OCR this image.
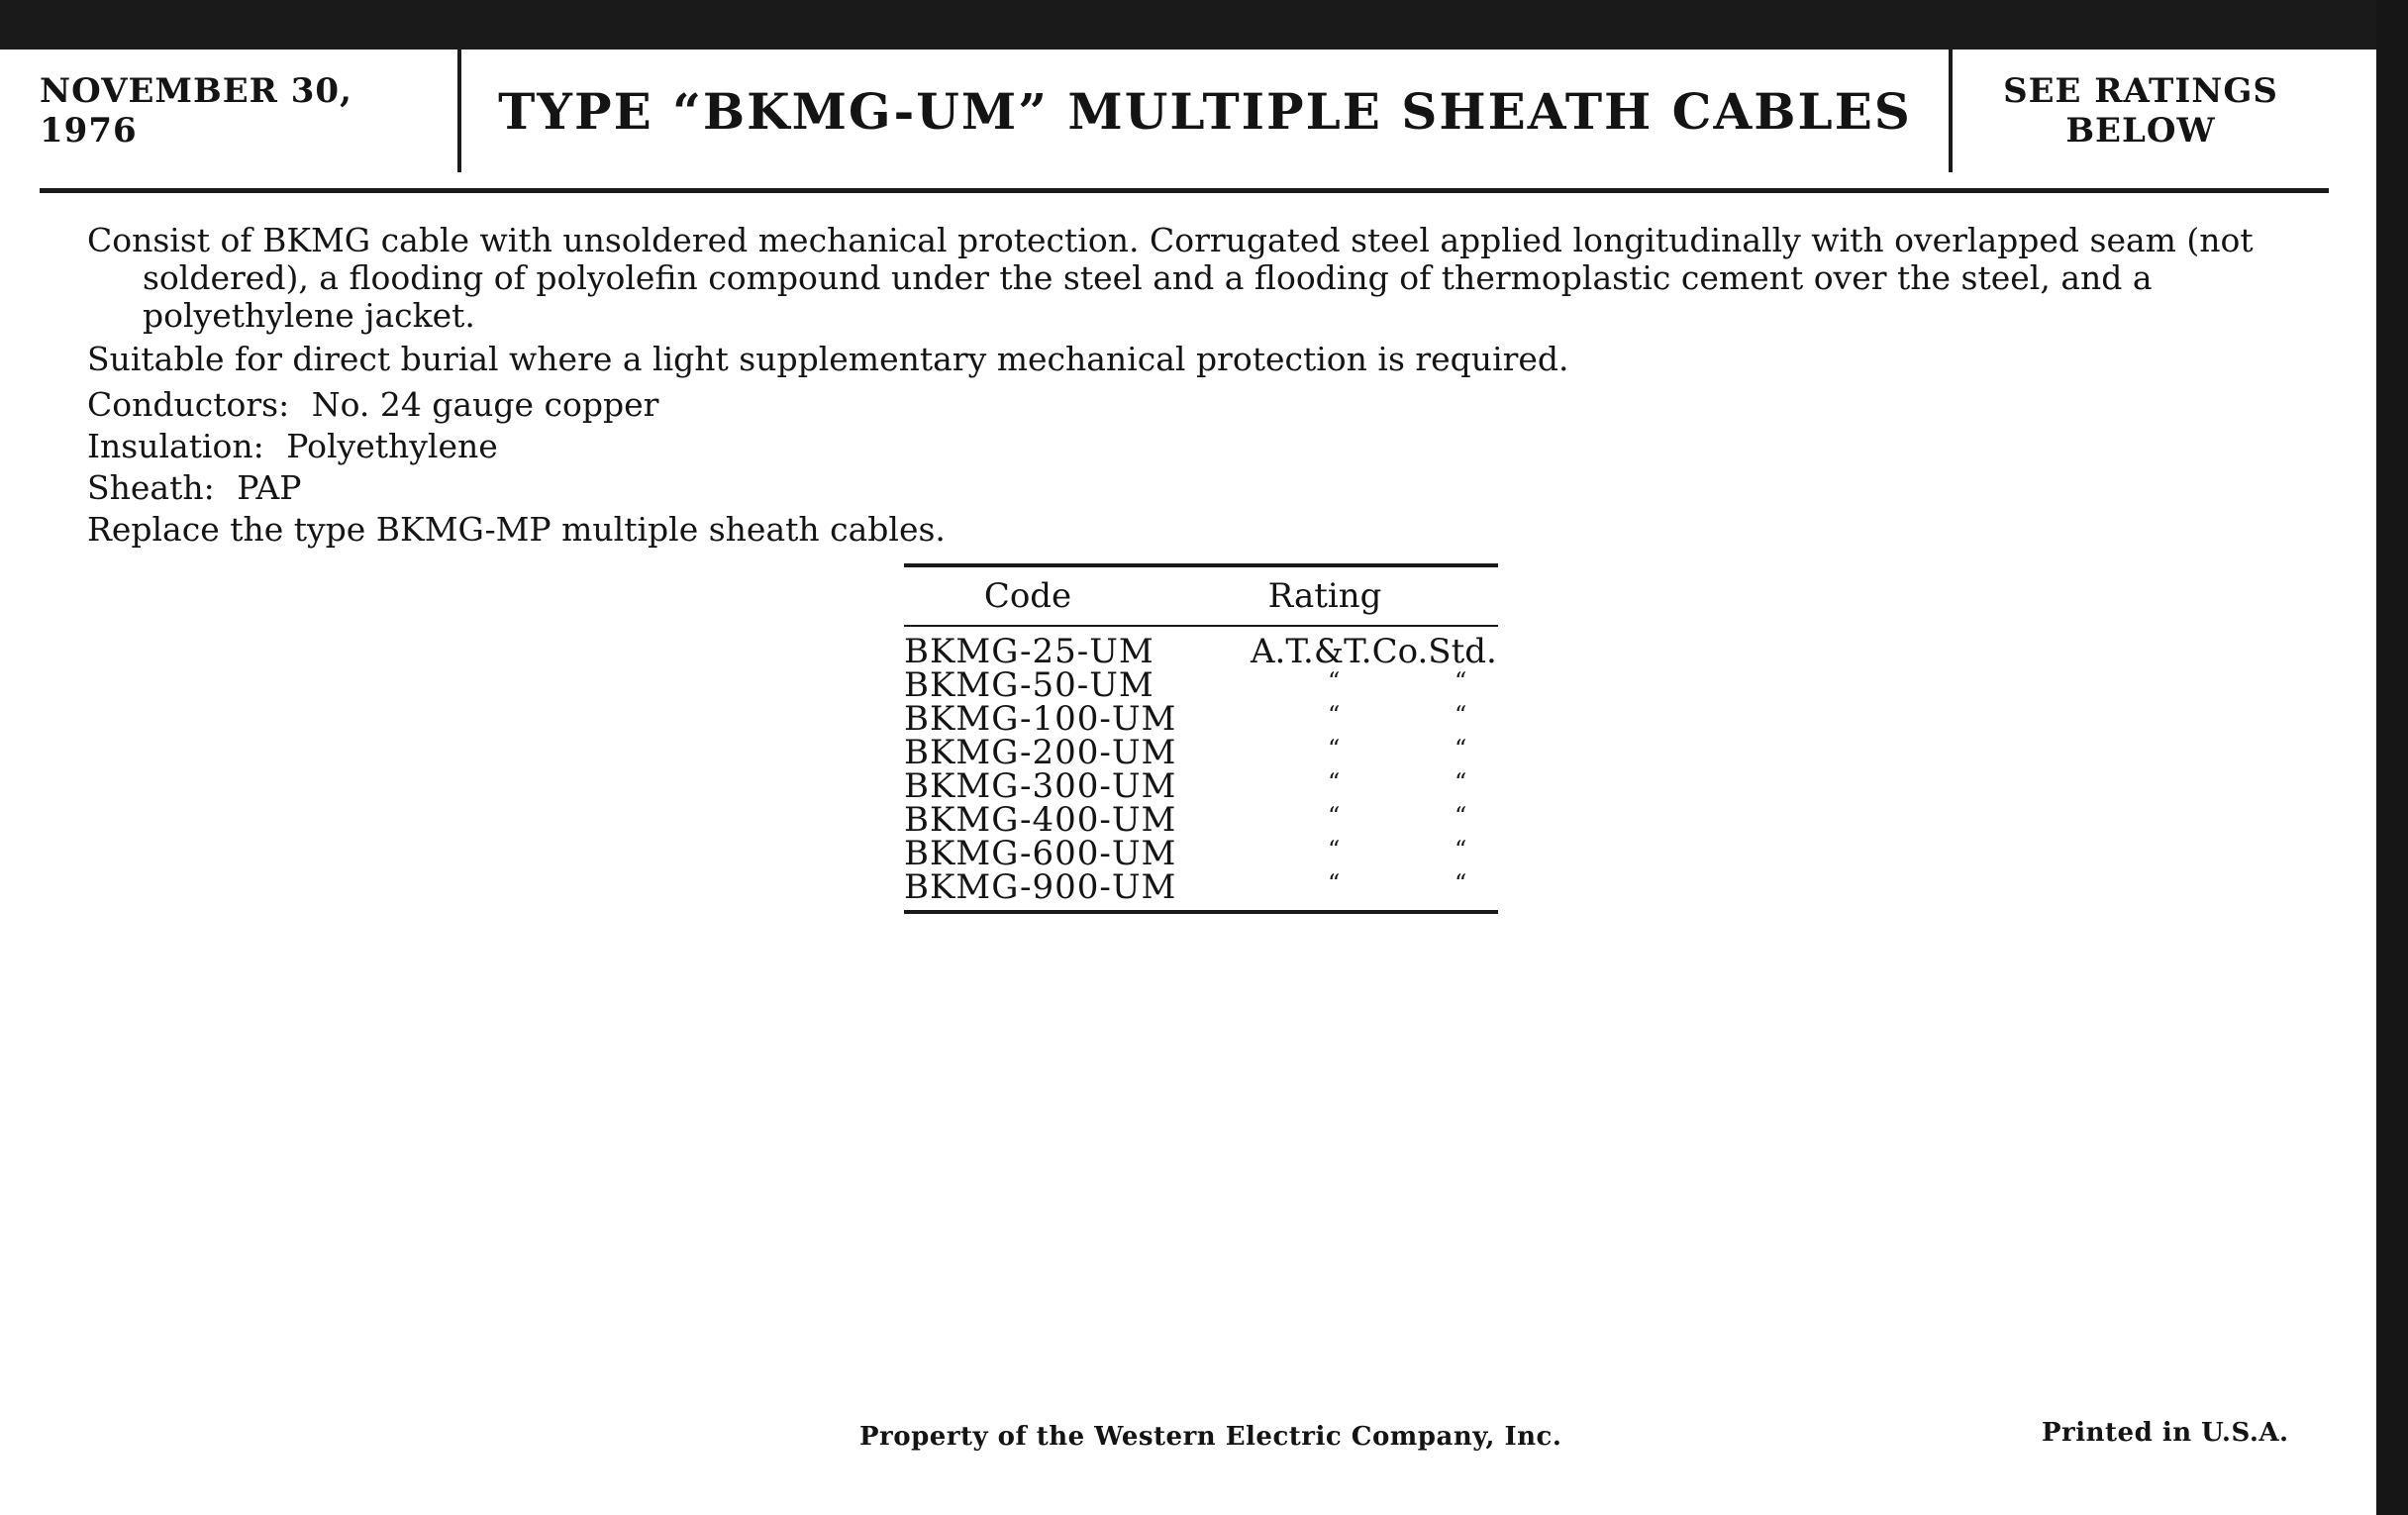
NOVEMBER 30, 1976	TYPE “BKMG-UM” MULTIPLE SHEATH CABLES	SEE RATINGS
BELOW
Consist of BKMG cable with unsoldered mechanical protection. Corrugated steel applied longitudinally with overlapped seam (not soldered), a flooding of polyolefin compound under the steel and a flooding of thermoplastic cement over the steel, and a polyethylene jacket.
Suitable for direct burial where a light supplementary mechanical protection is required.
Conductors: No. 24 gauge copper
Insulation: Polyethylene
Sheath: PAP
Replace the type BKMG-MP multiple sheath cables.
Code	Rating
BKMG-25-UM	A.T.&T.Co.Std.
BKMG-50-UM	“	“
BKMG-100-UM	“	“
BKMG-200-UM	“	“
BKMG-300-UM	“	“
BKMG-400-UM	“	“
BKMG-600-UM	“	“
BKMG-900-UM	“	“
Property of the Western Electric Company, Inc.	Printed in U.S.A.
